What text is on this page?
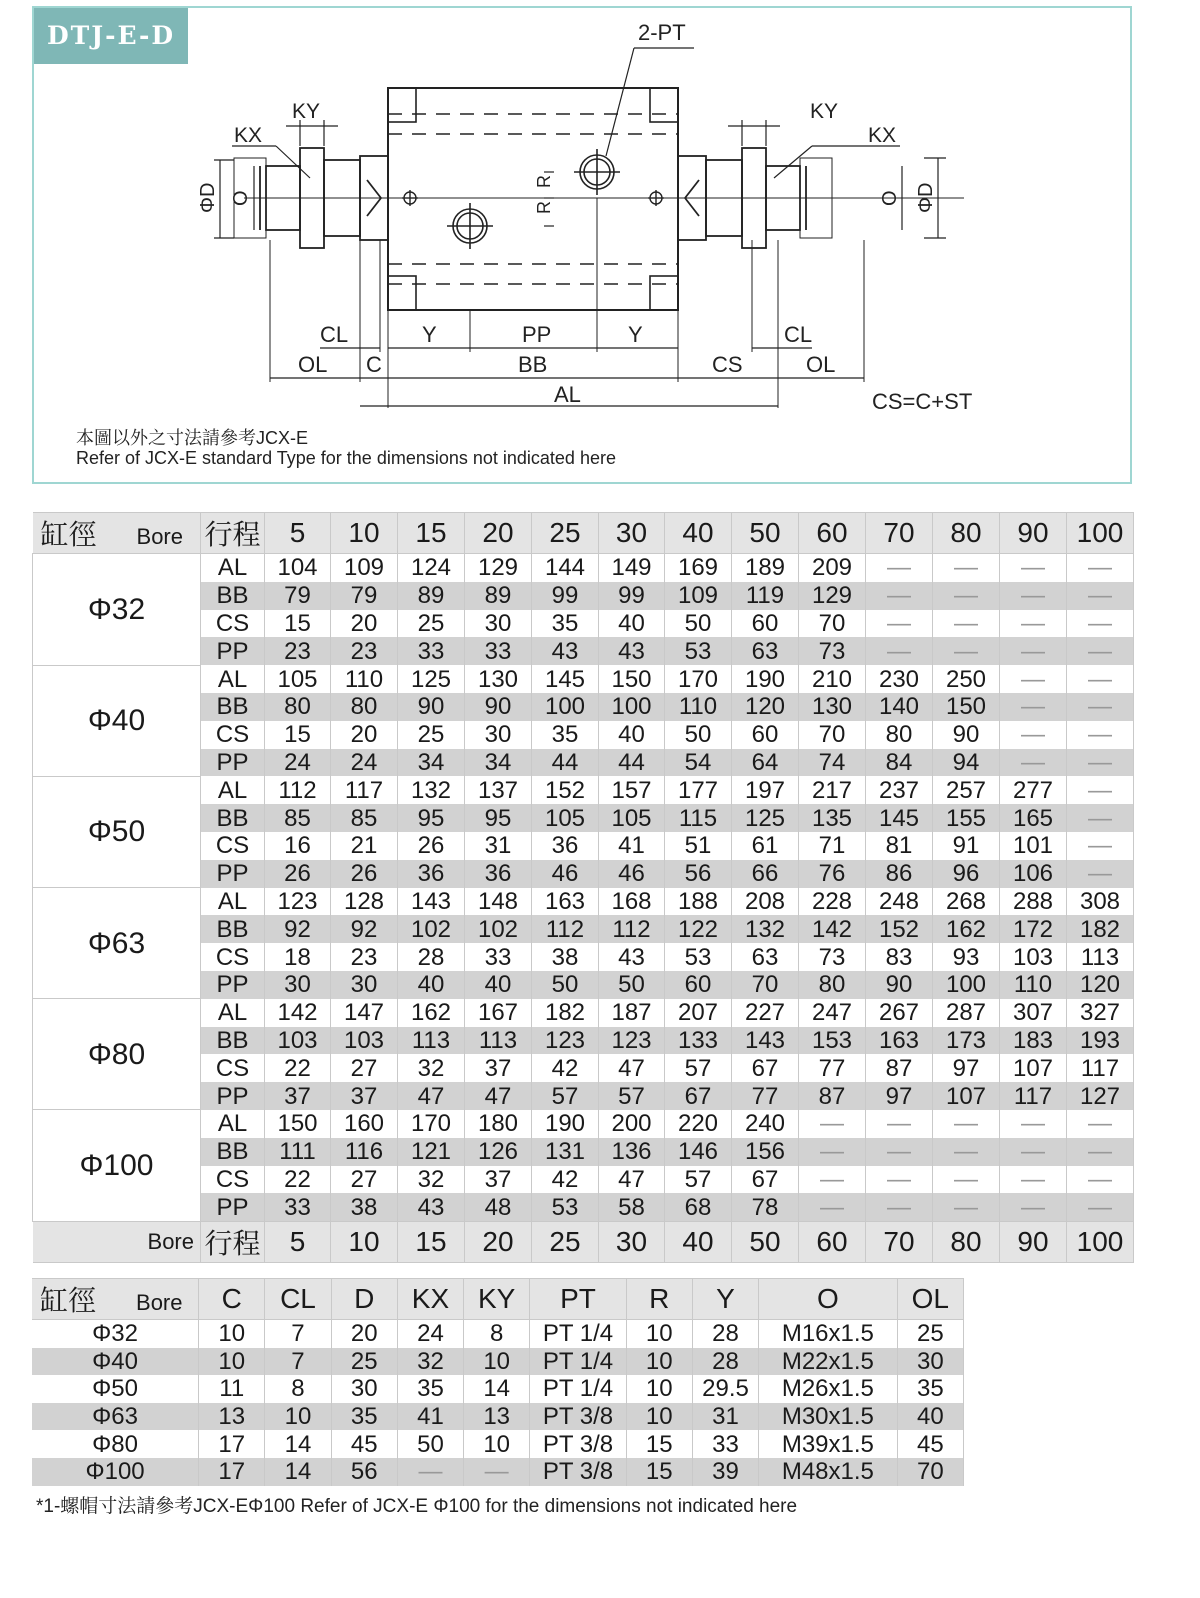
DTJ-E-D
R
R
2-PT
ΦD O	O ΦD
KY
KX
KY
KX
CL	Y	PP	Y	CL
OL C	BB	CS	OL
AL	CS=C+ST
本圖以外之寸法請參考JCX-E
Refer of JCX-E standard Type for the dimensions not indicated here
缸徑 Bore	行程	5	10	15	20	25	30	40	50	60	70	80	90	100
Φ32	AL	104	109	124	129	144	149	169	189	209	—	—	—	—
	BB	79	79	89	89	99	99	109	119	129	—	—	—	—
	CS	15	20	25	30	35	40	50	60	70	—	—	—	—
	PP	23	23	33	33	43	43	53	63	73	—	—	—	—
Φ40	AL	105	110	125	130	145	150	170	190	210	230	250	—	—
	BB	80	80	90	90	100	100	110	120	130	140	150	—	—
	CS	15	20	25	30	35	40	50	60	70	80	90	—	—
	PP	24	24	34	34	44	44	54	64	74	84	94	—	—
Φ50	AL	112	117	132	137	152	157	177	197	217	237	257	277	—
	BB	85	85	95	95	105	105	115	125	135	145	155	165	—
	CS	16	21	26	31	36	41	51	61	71	81	91	101	—
	PP	26	26	36	36	46	46	56	66	76	86	96	106	—
Φ63	AL	123	128	143	148	163	168	188	208	228	248	268	288	308
	BB	92	92	102	102	112	112	122	132	142	152	162	172	182
	CS	18	23	28	33	38	43	53	63	73	83	93	103	113
	PP	30	30	40	40	50	50	60	70	80	90	100	110	120
Φ80	AL	142	147	162	167	182	187	207	227	247	267	287	307	327
	BB	103	103	113	113	123	123	133	143	153	163	173	183	193
	CS	22	27	32	37	42	47	57	67	77	87	97	107	117
	PP	37	37	47	47	57	57	67	77	87	97	107	117	127
Φ100	AL	150	160	170	180	190	200	220	240	—	—	—	—	—
	BB	111	116	121	126	131	136	146	156	—	—	—	—	—
	CS	22	27	32	37	42	47	57	67	—	—	—	—	—
	PP	33	38	43	48	53	58	68	78	—	—	—	—	—
Bore	行程	5	10	15	20	25	30	40	50	60	70	80	90	100
缸徑 Bore	C	CL	D	KX	KY	PT	R	Y	O	OL
Φ32	10	7	20	24	8	PT 1/4	10	28	M16x1.5	25
Φ40	10	7	25	32	10	PT 1/4	10	28	M22x1.5	30
Φ50	11	8	30	35	14	PT 1/4	10	29.5	M26x1.5	35
Φ63	13	10	35	41	13	PT 3/8	10	31	M30x1.5	40
Φ80	17	14	45	50	10	PT 3/8	15	33	M39x1.5	45
Φ100	17	14	56	—	—	PT 3/8	15	39	M48x1.5	70
*1-螺帽寸法請參考JCX-EΦ100 Refer of JCX-E Φ100 for the dimensions not indicated here
